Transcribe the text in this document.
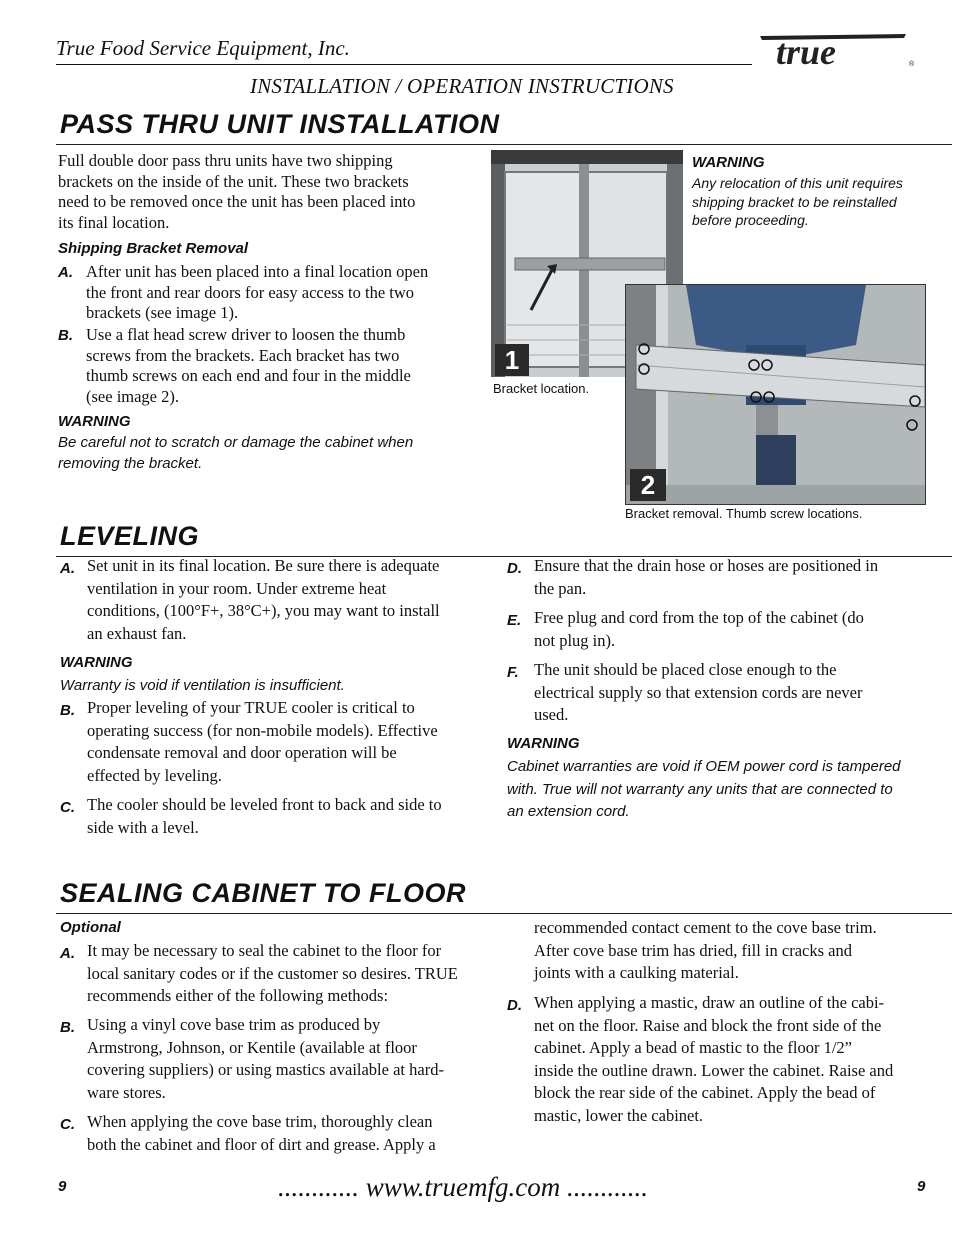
True Food Service Equipment, Inc.
INSTALLATION / OPERATION INSTRUCTIONS
true	®
PASS THRU UNIT INSTALLATION
Full double door pass thru units have two shipping
brackets on the inside of the unit. These two brackets
need to be removed once the unit has been placed into
its final location.
Shipping Bracket Removal
A. After unit has been placed into a final location open
the front and rear doors for easy access to the two
brackets (see image 1).
B. Use a flat head screw driver to loosen the thumb
screws from the brackets. Each bracket has two
thumb screws on each end and four in the middle
(see image 2).
WARNING
Be careful not to scratch or damage the cabinet when
removing the bracket.
1
Bracket location.
WARNING
Any relocation of this unit requires
shipping bracket to be reinstalled
before proceeding.
2
Bracket removal. Thumb screw locations.
LEVELING
A. Set unit in its final location. Be sure there is adequate
ventilation in your room. Under extreme heat
conditions, (100°F+, 38°C+), you may want to install
an exhaust fan.
WARNING
Warranty is void if ventilation is insufficient.
B. Proper leveling of your TRUE cooler is critical to
operating success (for non-mobile models). Effective
condensate removal and door operation will be
effected by leveling.
C. The cooler should be leveled front to back and side to
side with a level.
D. Ensure that the drain hose or hoses are positioned in
the pan.
E. Free plug and cord from the top of the cabinet (do
not plug in).
F. The unit should be placed close enough to the
electrical supply so that extension cords are never
used.
WARNING
Cabinet warranties are void if OEM power cord is tampered
with. True will not warranty any units that are connected to
an extension cord.
SEALING CABINET TO FLOOR
Optional
A. It may be necessary to seal the cabinet to the floor for
local sanitary codes or if the customer so desires. TRUE
recommends either of the following methods:
B. Using a vinyl cove base trim as produced by
Armstrong, Johnson, or Kentile (available at floor
covering suppliers) or using mastics available at hard-
ware stores.
C. When applying the cove base trim, thoroughly clean
both the cabinet and floor of dirt and grease. Apply a
recommended contact cement to the cove base trim.
After cove base trim has dried, fill in cracks and
joints with a caulking material.
D. When applying a mastic, draw an outline of the cabi-
net on the floor. Raise and block the front side of the
cabinet. Apply a bead of mastic to the floor 1/2”
inside the outline drawn. Lower the cabinet. Raise and
block the rear side of the cabinet. Apply the bead of
mastic, lower the cabinet.
9	............ www.truemfg.com ............	9
